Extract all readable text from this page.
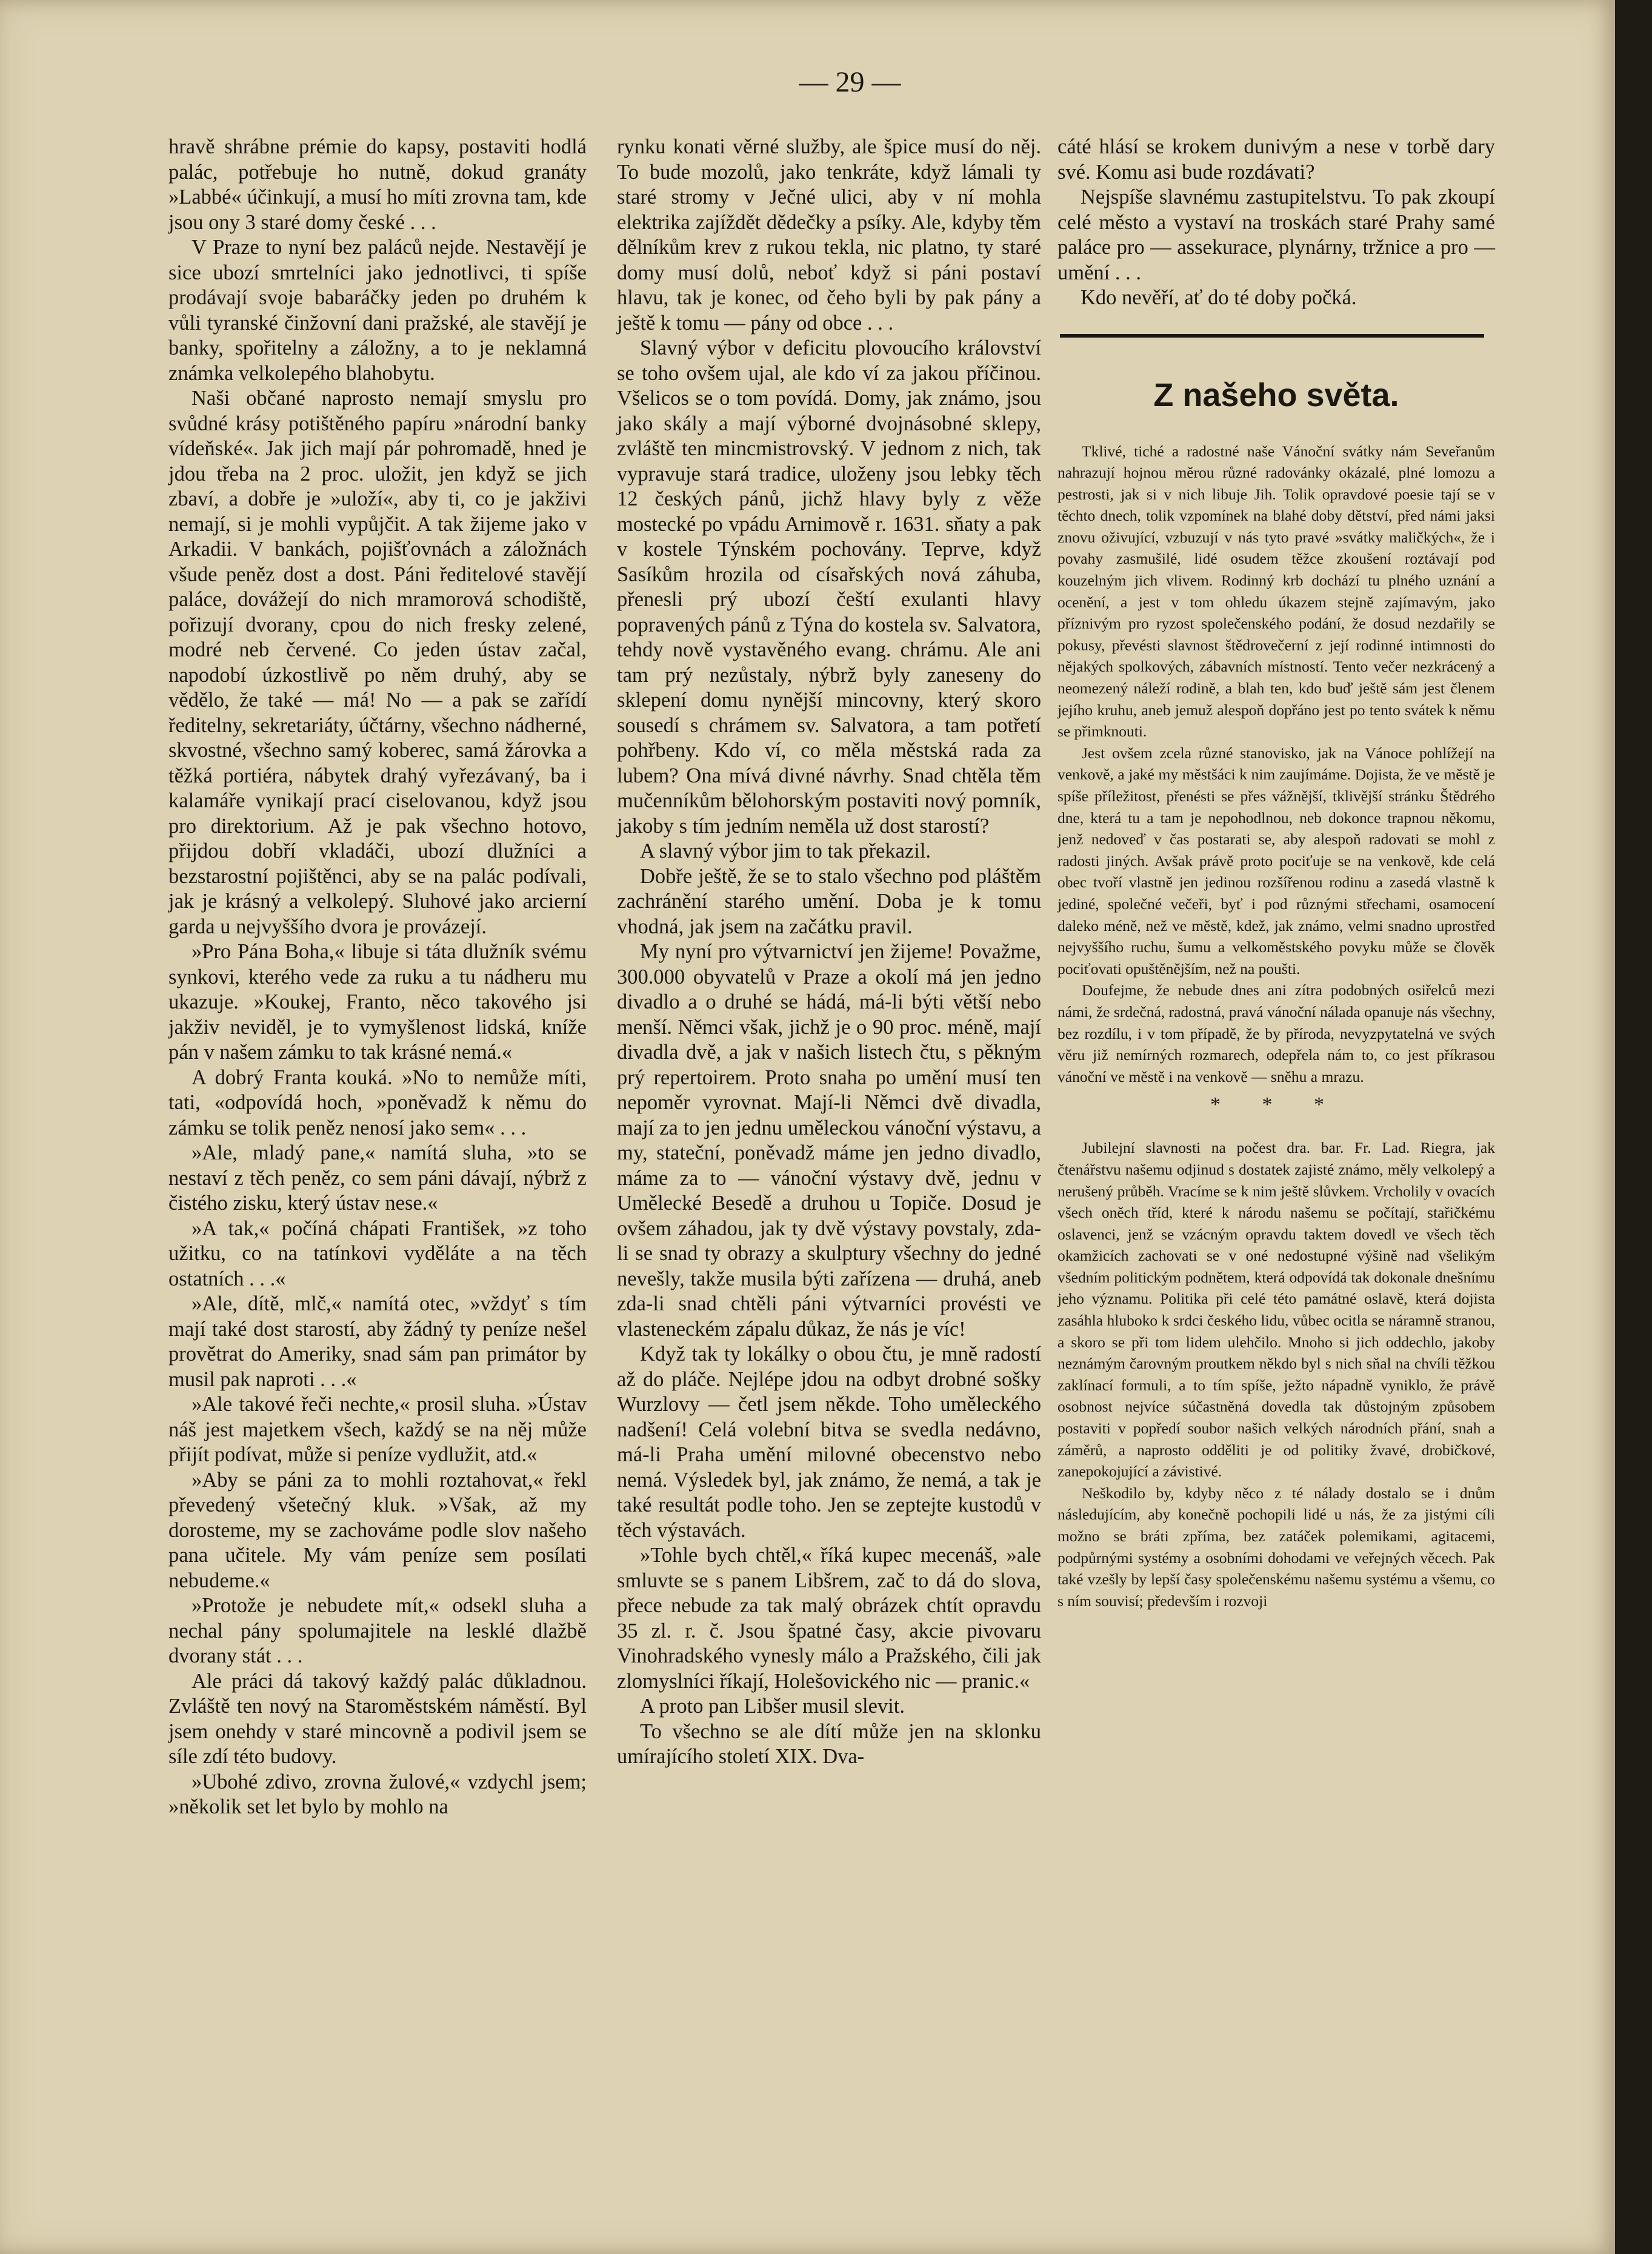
— 29 —

hravě shrábne prémie do kapsy, postaviti hodlá palác, potřebuje ho nutně, dokud granáty »Labbé« účinkují, a musí ho míti zrovna tam, kde jsou ony 3 staré domy české . . .

V Praze to nyní bez paláců nejde. Nestavějí je sice ubozí smrtelníci jako jednotlivci, ti spíše prodávají svoje babaráčky jeden po druhém k vůli tyranské činžovní dani pražské, ale stavějí je banky, spořitelny a záložny, a to je neklamná známka velkolepého blahobytu.

Naši občané naprosto nemají smyslu pro svůdné krásy potištěného papíru »národní banky vídeňské«. Jak jich mají pár pohromadě, hned je jdou třeba na 2 proc. uložit, jen když se jich zbaví, a dobře je »uloží«, aby ti, co je jakživi nemají, si je mohli vypůjčit. A tak žijeme jako v Arkadii. V bankách, pojišťovnách a záložnách všude peněz dost a dost. Páni ředitelové stavějí paláce, dovážejí do nich mramorová schodiště, pořizují dvorany, cpou do nich fresky zelené, modré neb červené. Co jeden ústav začal, napodobí úzkostlivě po něm druhý, aby se vědělo, že také — má! No — a pak se zařídí ředitelny, sekretariáty, účtárny, všechno nádherné, skvostné, všechno samý koberec, samá žárovka a těžká portiéra, nábytek drahý vyřezávaný, ba i kalamáře vynikají prací ciselovanou, když jsou pro direktorium. Až je pak všechno hotovo, přijdou dobří vkladáči, ubozí dlužníci a bezstarostní pojištěnci, aby se na palác podívali, jak je krásný a velkolepý. Sluhové jako arcierní garda u nejvyššího dvora je provázejí.

»Pro Pána Boha,« libuje si táta dlužník svému synkovi, kterého vede za ruku a tu nádheru mu ukazuje. »Koukej, Franto, něco takového jsi jakživ neviděl, je to vymyšlenost lidská, kníže pán v našem zámku to tak krásné nemá.«

A dobrý Franta kouká. »No to nemůže míti, tati, «odpovídá hoch, »poněvadž k němu do zámku se tolik peněz nenosí jako sem« . . .

»Ale, mladý pane,« namítá sluha, »to se nestaví z těch peněz, co sem páni dávají, nýbrž z čistého zisku, který ústav nese.«

»A tak,« počíná chápati František, »z toho užitku, co na tatínkovi vyděláte a na těch ostatních . . .«

»Ale, dítě, mlč,« namítá otec, »vždyť s tím mají také dost starostí, aby žádný ty peníze nešel provětrat do Ameriky, snad sám pan primátor by musil pak naproti . . .«

»Ale takové řeči nechte,« prosil sluha. »Ústav náš jest majetkem všech, každý se na něj může přijít podívat, může si peníze vydlužit, atd.«

»Aby se páni za to mohli roztahovat,« řekl převedený všetečný kluk. »Však, až my dorosteme, my se zachováme podle slov našeho pana učitele. My vám peníze sem posílati nebudeme.«

»Protože je nebudete mít,« odsekl sluha a nechal pány spolumajitele na lesklé dlažbě dvorany stát . . .

Ale práci dá takový každý palác důkladnou. Zvláště ten nový na Staroměstském náměstí. Byl jsem onehdy v staré mincovně a podivil jsem se síle zdí této budovy.

»Ubohé zdivo, zrovna žulové,« vzdychl jsem; »několik set let bylo by mohlo na

rynku konati věrné služby, ale špice musí do něj. To bude mozolů, jako tenkráte, když lámali ty staré stromy v Ječné ulici, aby v ní mohla elektrika zajíždět dědečky a psíky. Ale, kdyby těm dělníkům krev z rukou tekla, nic platno, ty staré domy musí dolů, neboť když si páni postaví hlavu, tak je konec, od čeho byli by pak pány a ještě k tomu — pány od obce . . .

Slavný výbor v deficitu plovoucího království se toho ovšem ujal, ale kdo ví za jakou příčinou. Všelicos se o tom povídá. Domy, jak známo, jsou jako skály a mají výborné dvojnásobné sklepy, zvláště ten mincmistrovský. V jednom z nich, tak vypravuje stará tradice, uloženy jsou lebky těch 12 českých pánů, jichž hlavy byly z věže mostecké po vpádu Arnimově r. 1631. sňaty a pak v kostele Týnském pochovány. Teprve, když Sasíkům hrozila od císařských nová záhuba, přenesli prý ubozí čeští exulanti hlavy popravených pánů z Týna do kostela sv. Salvatora, tehdy nově vystavěného evang. chrámu. Ale ani tam prý nezůstaly, nýbrž byly zaneseny do sklepení domu nynější mincovny, který skoro sousedí s chrámem sv. Salvatora, a tam potřetí pohřbeny. Kdo ví, co měla městská rada za lubem? Ona mívá divné návrhy. Snad chtěla těm mučenníkům bělohorským postaviti nový pomník, jakoby s tím jedním neměla už dost starostí?

A slavný výbor jim to tak překazil.

Dobře ještě, že se to stalo všechno pod pláštěm zachránění starého umění. Doba je k tomu vhodná, jak jsem na začátku pravil.

My nyní pro výtvarnictví jen žijeme! Považme, 300.000 obyvatelů v Praze a okolí má jen jedno divadlo a o druhé se hádá, má-li býti větší nebo menší. Němci však, jichž je o 90 proc. méně, mají divadla dvě, a jak v našich listech čtu, s pěkným prý repertoirem. Proto snaha po umění musí ten nepoměr vyrovnat. Mají-li Němci dvě divadla, mají za to jen jednu uměleckou vánoční výstavu, a my, stateční, poněvadž máme jen jedno divadlo, máme za to — vánoční výstavy dvě, jednu v Umělecké Besedě a druhou u Topiče. Dosud je ovšem záhadou, jak ty dvě výstavy povstaly, zda-li se snad ty obrazy a skulptury všechny do jedné nevešly, takže musila býti zařízena — druhá, aneb zda-li snad chtěli páni výtvarníci provésti ve vlasteneckém zápalu důkaz, že nás je víc!

Když tak ty lokálky o obou čtu, je mně radostí až do pláče. Nejlépe jdou na odbyt drobné sošky Wurzlovy — četl jsem někde. Toho uměleckého nadšení! Celá volební bitva se svedla nedávno, má-li Praha umění milovné obecenstvo nebo nemá. Výsledek byl, jak známo, že nemá, a tak je také resultát podle toho. Jen se zeptejte kustodů v těch výstavách.

»Tohle bych chtěl,« říká kupec mecenáš, »ale smluvte se s panem Libšrem, zač to dá do slova, přece nebude za tak malý obrázek chtít opravdu 35 zl. r. č. Jsou špatné časy, akcie pivovaru Vinohradského vynesly málo a Pražského, čili jak zlomyslníci říkají, Holešovického nic — pranic.«

A proto pan Libšer musil slevit.

To všechno se ale dítí může jen na sklonku umírajícího století XIX. Dva-

cáté hlásí se krokem dunivým a nese v torbě dary své. Komu asi bude rozdávati?

Nejspíše slavnému zastupitelstvu. To pak zkoupí celé město a vystaví na troskách staré Prahy samé paláce pro — assekurace, plynárny, tržnice a pro — umění . . .

Kdo nevěří, ať do té doby počká.

Z našeho světa.

Tklivé, tiché a radostné naše Vánoční svátky nám Seveřanům nahrazují hojnou měrou různé radovánky okázalé, plné lomozu a pestrosti, jak si v nich libuje Jih. Tolik opravdové poesie tají se v těchto dnech, tolik vzpomínek na blahé doby dětství, před námi jaksi znovu oživující, vzbuzují v nás tyto pravé »svátky maličkých«, že i povahy zasmušilé, lidé osudem těžce zkoušení roztávají pod kouzelným jich vlivem. Rodinný krb dochází tu plného uznání a ocenění, a jest v tom ohledu úkazem stejně zajímavým, jako příznivým pro ryzost společenského podání, že dosud nezdařily se pokusy, převésti slavnost štědrovečerní z její rodinné intimnosti do nějakých spolkových, zábavních místností. Tento večer nezkrácený a neomezený náleží rodině, a blah ten, kdo buď ještě sám jest členem jejího kruhu, aneb jemuž alespoň dopřáno jest po tento svátek k němu se přimknouti.

Jest ovšem zcela různé stanovisko, jak na Vánoce pohlížejí na venkově, a jaké my městšáci k nim zaujímáme. Dojista, že ve městě je spíše příležitost, přenésti se přes vážnější, tklivější stránku Štědrého dne, která tu a tam je nepohodlnou, neb dokonce trapnou někomu, jenž nedoveď v čas postarati se, aby alespoň radovati se mohl z radosti jiných. Avšak právě proto pociťuje se na venkově, kde celá obec tvoří vlastně jen jedinou rozšířenou rodinu a zasedá vlastně k jediné, společné večeři, byť i pod různými střechami, osamocení daleko méně, než ve městě, kdež, jak známo, velmi snadno uprostřed nejvyššího ruchu, šumu a velkoměstského povyku může se člověk pociťovati opuštěnějším, než na poušti.

Doufejme, že nebude dnes ani zítra podobných osiřelců mezi námi, že srdečná, radostná, pravá vánoční nálada opanuje nás všechny, bez rozdílu, i v tom případě, že by příroda, nevyzpytatelná ve svých věru již nemírných rozmarech, odepřela nám to, co jest příkrasou vánoční ve městě i na venkově — sněhu a mrazu.

* * *

Jubilejní slavnosti na počest drа. bar. Fr. Lad. Riegra, jak čtenářstvu našemu odjinud s dostatek zajisté známo, měly velkolepý a nerušený průběh. Vracíme se k nim ještě slůvkem. Vrcholily v ovacích všech oněch tříd, které k národu našemu se počítají, stařičkému oslavenci, jenž se vzácným opravdu taktem dovedl ve všech těch okamžicích zachovati se v oné nedostupné výšině nad všelikým všedním politickým podnětem, která odpovídá tak dokonale dnešnímu jeho významu. Politika při celé této památné oslavě, která dojista zasáhla hluboko k srdci českého lidu, vůbec ocitla se náramně stranou, a skoro se při tom lidem ulehčilo. Mnoho si jich oddechlo, jakoby neznámým čarovným proutkem někdo byl s nich sňal na chvíli těžkou zaklínací formuli, a to tím spíše, ježto nápadně vyniklo, že právě osobnost nejvíce súčastněná dovedla tak důstojným způsobem postaviti v popředí soubor našich velkých národních přání, snah a záměrů, a naprosto odděliti je od politiky žvavé, drobičkové, zanepokojující a závistivé.

Neškodilo by, kdyby něco z té nálady dostalo se i dnům následujícím, aby konečně pochopili lidé u nás, že za jistými cíli možno se bráti zpříma, bez zatáček polemikami, agitacemi, podpůrnými systémy a osobními dohodami ve veřejných věcech. Pak také vzešly by lepší časy společenskému našemu systému a všemu, co s ním souvisí; především i rozvoji
